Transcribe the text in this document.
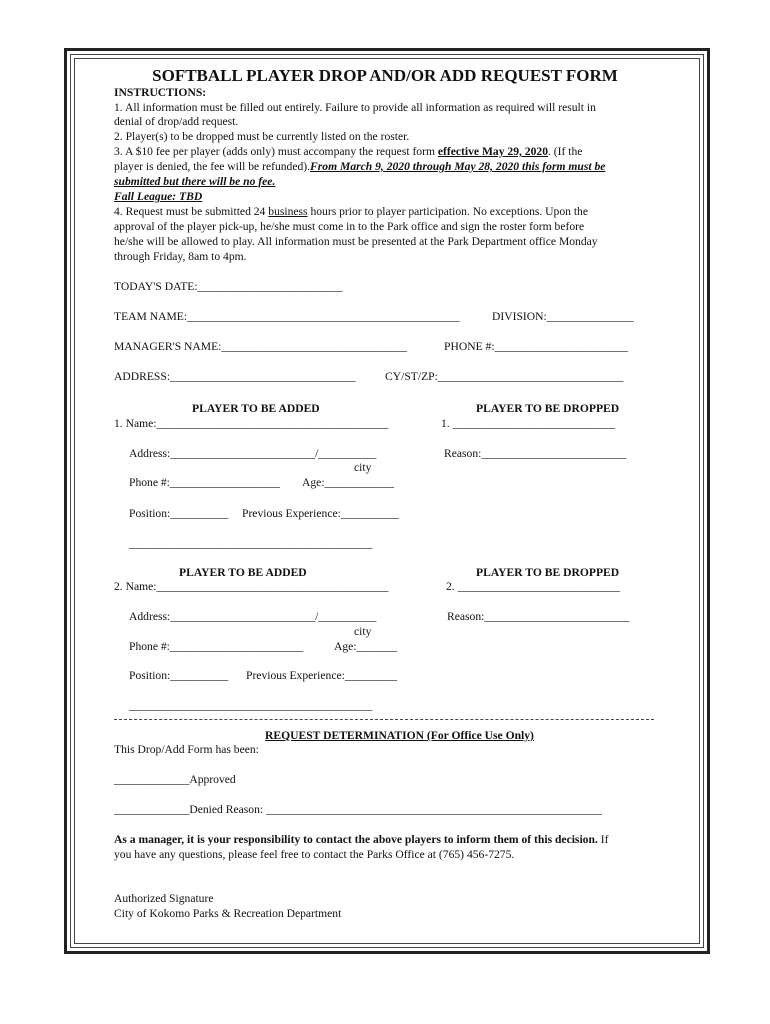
SOFTBALL PLAYER DROP AND/OR ADD REQUEST FORM
INSTRUCTIONS:
1. All information must be filled out entirely. Failure to provide all information as required will result in
denial of drop/add request.
2. Player(s) to be dropped must be currently listed on the roster.
3. A $10 fee per player (adds only) must accompany the request form effective May 29, 2020. (If the
player is denied, the fee will be refunded).From March 9, 2020 through May 28, 2020 this form must be
submitted but there will be no fee.
Fall League: TBD
4. Request must be submitted 24 business hours prior to player participation. No exceptions. Upon the
approval of the player pick-up, he/she must come in to the Park office and sign the roster form before
he/she will be allowed to play. All information must be presented at the Park Department office Monday
through Friday, 8am to 4pm.
TODAY'S DATE:_________________________
TEAM NAME:_______________________________________________	DIVISION:_______________
MANAGER'S NAME:________________________________	PHONE #:_______________________
ADDRESS:________________________________	CY/ST/ZP:________________________________
PLAYER TO BE ADDED	PLAYER TO BE DROPPED
1. Name:________________________________________	1. ____________________________
Address:_________________________/__________	Reason:_________________________
city
Phone #:___________________ Age:____________
Position:__________ Previous Experience:__________
__________________________________________
PLAYER TO BE ADDED	PLAYER TO BE DROPPED
2. Name:________________________________________	2. ____________________________
Address:_________________________/__________	Reason:_________________________
city
Phone #:_______________________	Age:_______
Position:__________ Previous Experience:_________
__________________________________________
REQUEST DETERMINATION (For Office Use Only)
This Drop/Add Form has been:
_____________Approved
_____________Denied Reason: __________________________________________________________
As a manager, it is your responsibility to contact the above players to inform them of this decision. If
you have any questions, please feel free to contact the Parks Office at (765) 456-7275.
Authorized Signature
City of Kokomo Parks & Recreation Department
